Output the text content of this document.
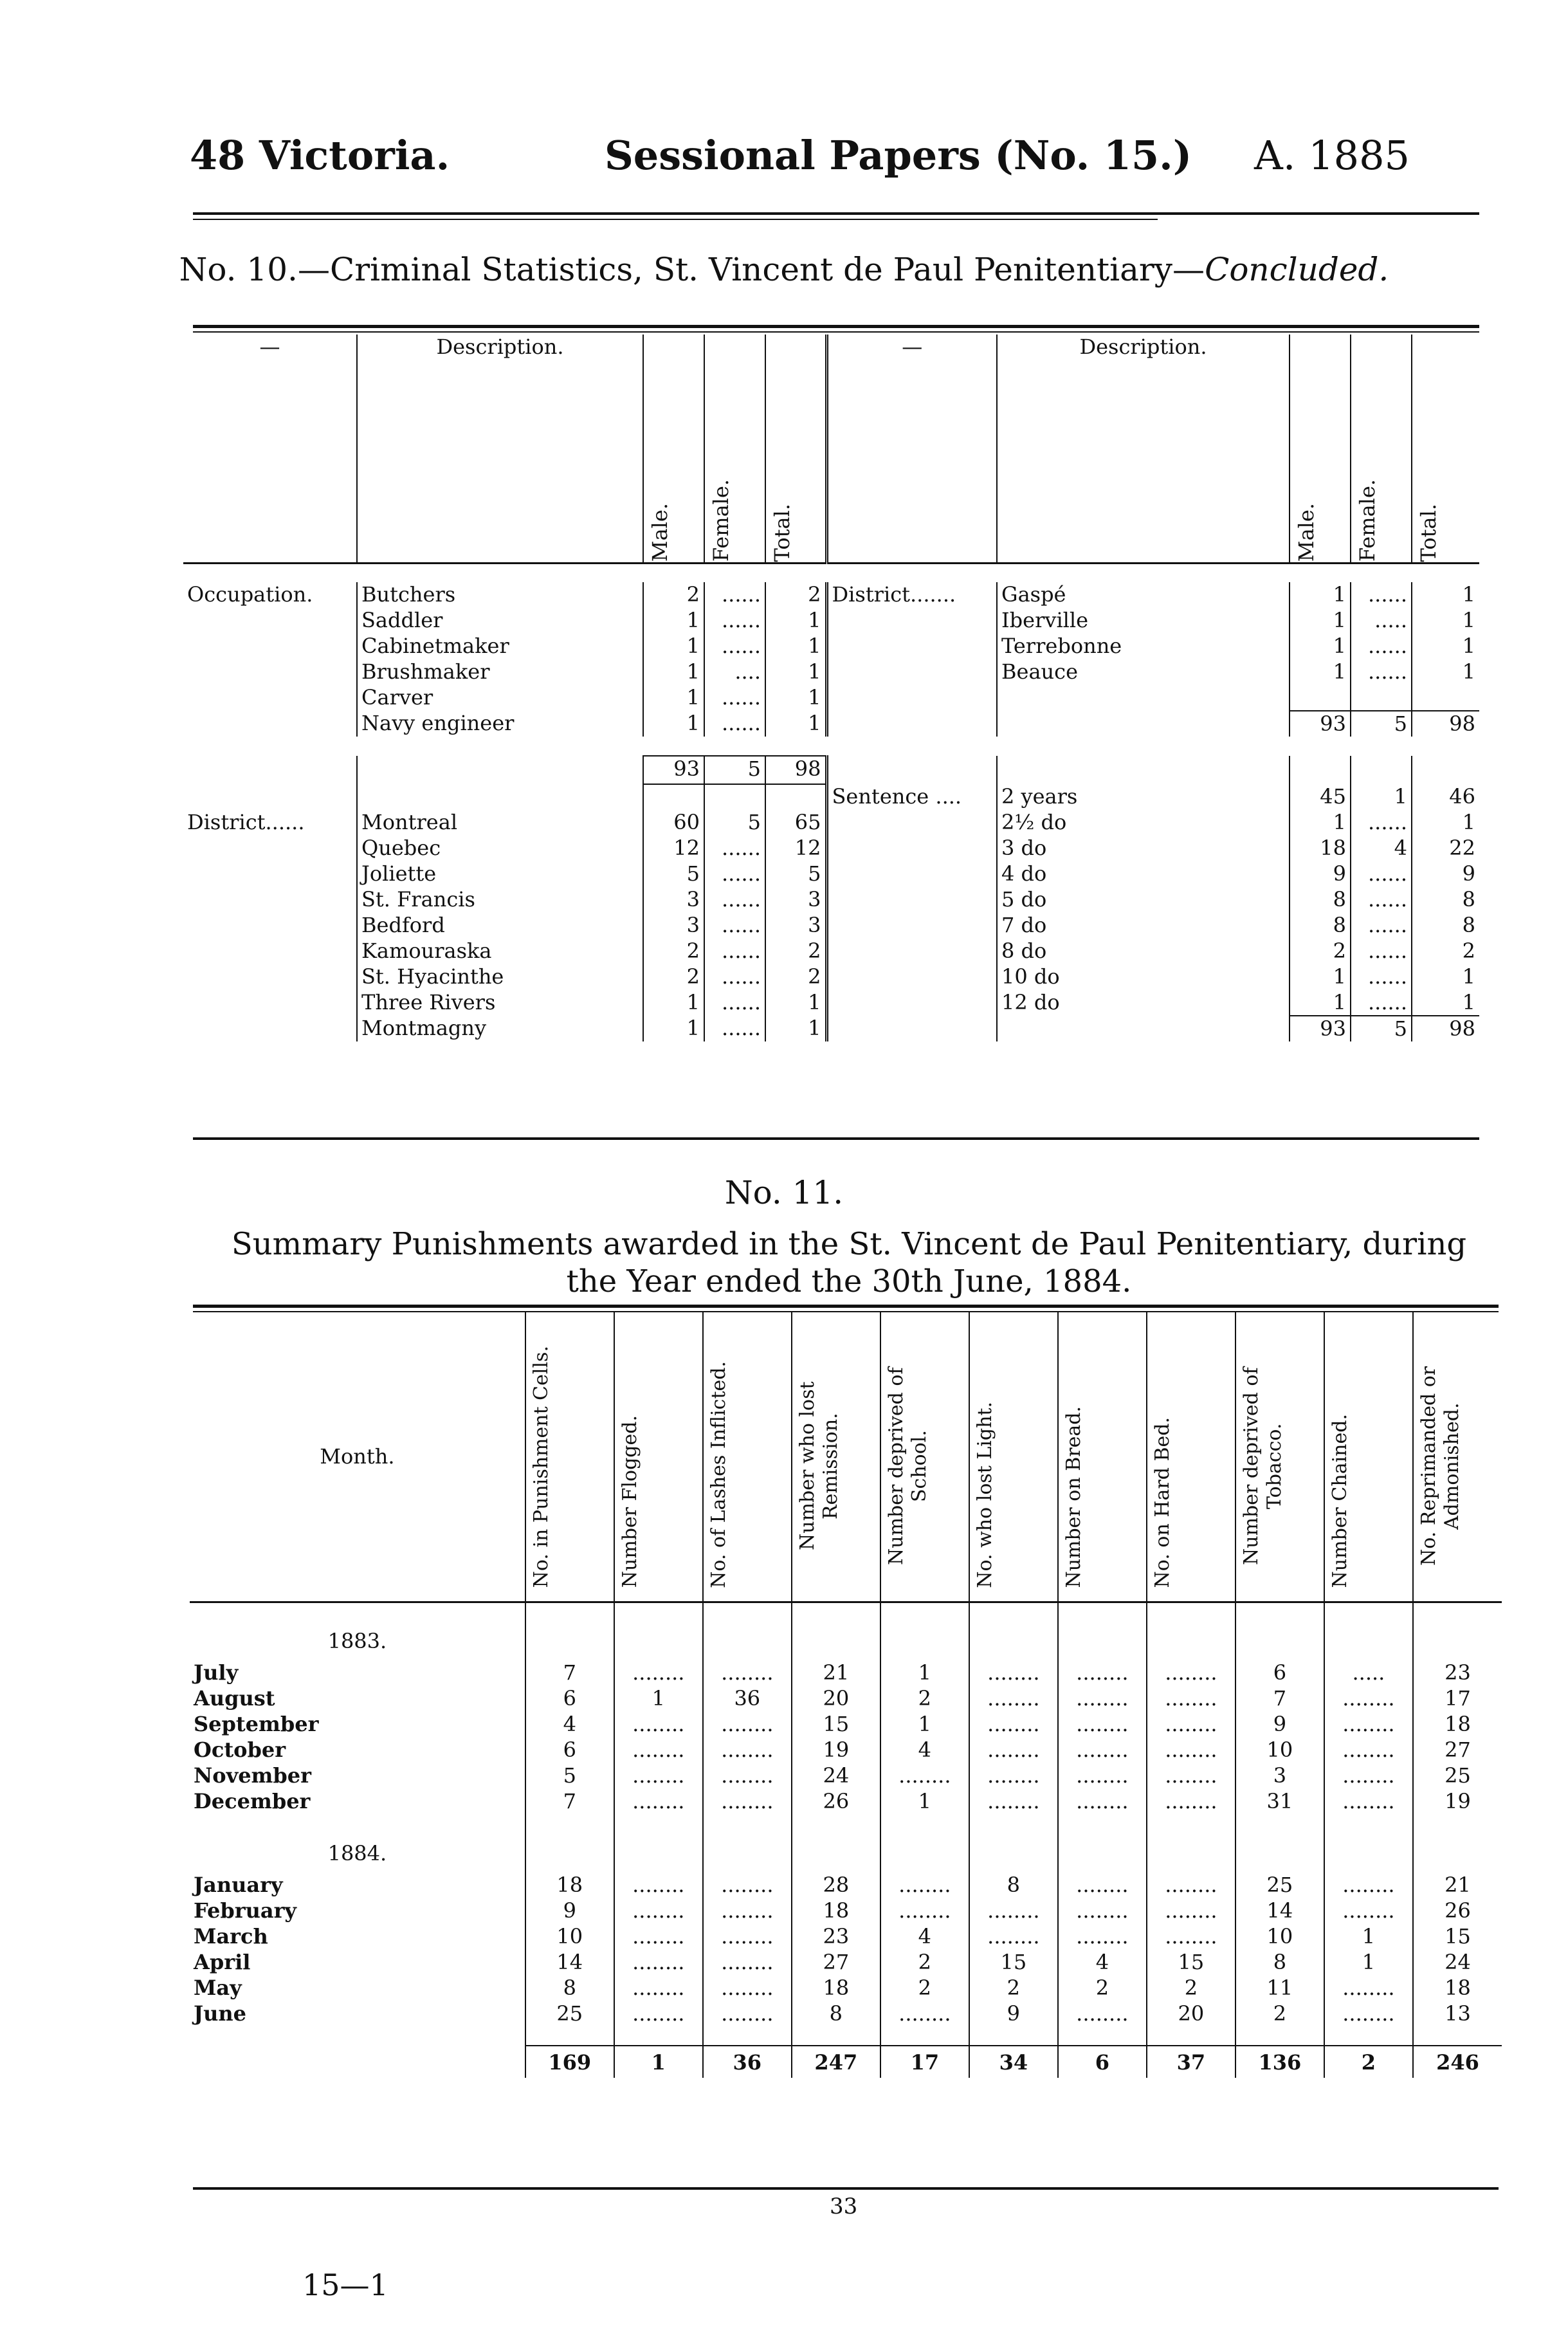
48 Victoria.	Sessional Papers (No. 15.) A. 1885
No. 10.—Criminal Statistics, St. Vincent de Paul Penitentiary—Concluded.
—	Description.	Male.	Female.	Total.	—	Description.	Male.	Female.	Total.

Occupation.	Butchers	2	......	2	District.......	Gaspé	1	......	1
	Saddler	1	......	1		Iberville	1	.....	1
	Cabinetmaker	1	......	1		Terrebonne	1	......	1
	Brushmaker	1	....	1		Beauce	1	......	1
	Carver	1	......	1					
	Navy engineer	1	......	1			93	5	98

		93	5	98					
					Sentence ....	2 years	45	1	46
District......	Montreal	60	5	65		2½ do	1	......	1
	Quebec	12	......	12		3 do	18	4	22
	Joliette	5	......	5		4 do	9	......	9
	St. Francis	3	......	3		5 do	8	......	8
	Bedford	3	......	3		7 do	8	......	8
	Kamouraska	2	......	2		8 do	2	......	2
	St. Hyacinthe	2	......	2		10 do	1	......	1
	Three Rivers	1	......	1		12 do	1	......	1
	Montmagny	1	......	1			93	5	98
No. 11.
Summary Punishments awarded in the St. Vincent de Paul Penitentiary, during
the Year ended the 30th June, 1884.
Month.	No. in Punishment Cells.	Number Flogged.	No. of Lashes Inflicted.	Number who lost Remission.	Number deprived of School.	No. who lost Light.	Number on Bread.	No. on Hard Bed.	Number deprived of Tobacco.	Number Chained.	No. Reprimanded or Admonished.

1883.											
July	7	........	........	21	1	........	........	........	6	.....	23
August	6	1	36	20	2	........	........	........	7	........	17
September	4	........	........	15	1	........	........	........	9	........	18
October	6	........	........	19	4	........	........	........	10	........	27
November	5	........	........	24	........	........	........	........	3	........	25
December	7	........	........	26	1	........	........	........	31	........	19
1884.											
January	18	........	........	28	........	8	........	........	25	........	21
February	9	........	........	18	........	........	........	........	14	........	26
March	10	........	........	23	4	........	........	........	10	1	15
April	14	........	........	27	2	15	4	15	8	1	24
May	8	........	........	18	2	2	2	2	11	........	18
June	25	........	........	8	........	9	........	20	2	........	13

	169	1	36	247	17	34	6	37	136	2	246
33
15—1
